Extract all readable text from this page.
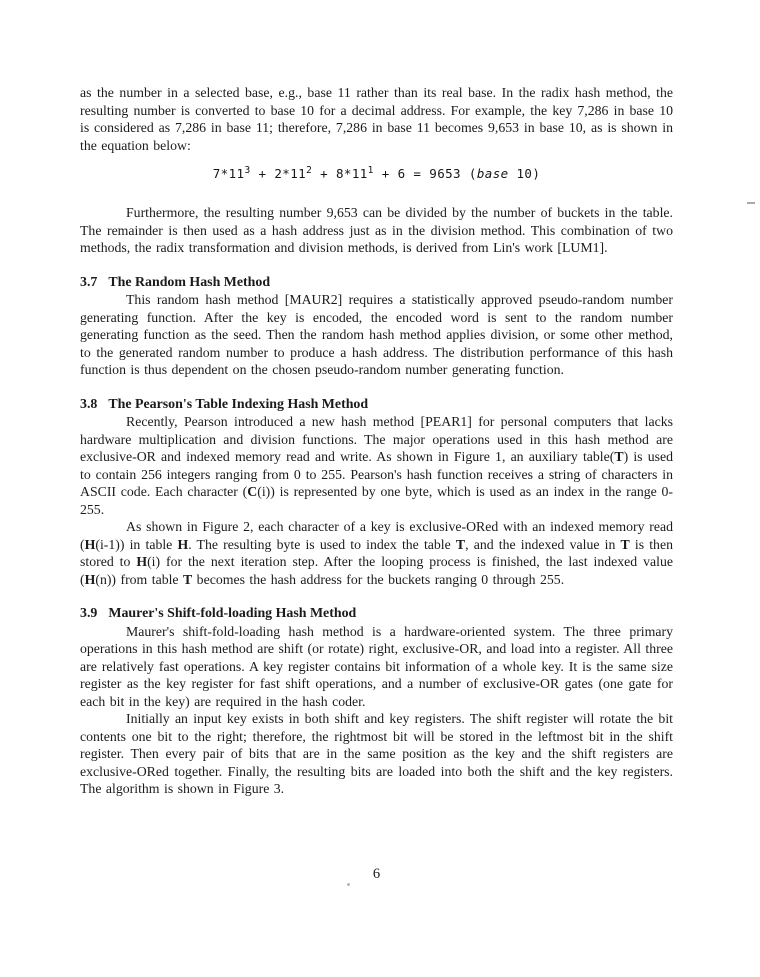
as the number in a selected base, e.g., base 11 rather than its real base. In the radix hash method, the resulting number is converted to base 10 for a decimal address. For example, the key 7,286 in base 10 is considered as 7,286 in base 11; therefore, 7,286 in base 11 becomes 9,653 in base 10, as is shown in the equation below:

$7*11^3 + 2*11^2 + 8*11^1 + 6 = 9653$ (base 10)

Furthermore, the resulting number 9,653 can be divided by the number of buckets in the table. The remainder is then used as a hash address just as in the division method. This combination of two methods, the radix transformation and division methods, is derived from Lin's work [LUM1].

3.7 The Random Hash Method

This random hash method [MAUR2] requires a statistically approved pseudo-random number generating function. After the key is encoded, the encoded word is sent to the random number generating function as the seed. Then the random hash method applies division, or some other method, to the generated random number to produce a hash address. The distribution performance of this hash function is thus dependent on the chosen pseudo-random number generating function.

3.8 The Pearson's Table Indexing Hash Method

Recently, Pearson introduced a new hash method [PEAR1] for personal computers that lacks hardware multiplication and division functions. The major operations used in this hash method are exclusive-OR and indexed memory read and write. As shown in Figure 1, an auxiliary table(T) is used to contain 256 integers ranging from 0 to 255. Pearson's hash function receives a string of characters in ASCII code. Each character (C(i)) is represented by one byte, which is used as an index in the range 0-255.

As shown in Figure 2, each character of a key is exclusive-ORed with an indexed memory read (H(i-1)) in table H. The resulting byte is used to index the table T, and the indexed value in T is then stored to H(i) for the next iteration step. After the looping process is finished, the last indexed value (H(n)) from table T becomes the hash address for the buckets ranging 0 through 255.

3.9 Maurer's Shift-fold-loading Hash Method

Maurer's shift-fold-loading hash method is a hardware-oriented system. The three primary operations in this hash method are shift (or rotate) right, exclusive-OR, and load into a register. All three are relatively fast operations. A key register contains bit information of a whole key. It is the same size register as the key register for fast shift operations, and a number of exclusive-OR gates (one gate for each bit in the key) are required in the hash coder.

Initially an input key exists in both shift and key registers. The shift register will rotate the bit contents one bit to the right; therefore, the rightmost bit will be stored in the leftmost bit in the shift register. Then every pair of bits that are in the same position as the key and the shift registers are exclusive-ORed together. Finally, the resulting bits are loaded into both the shift and the key registers. The algorithm is shown in Figure 3.

6
